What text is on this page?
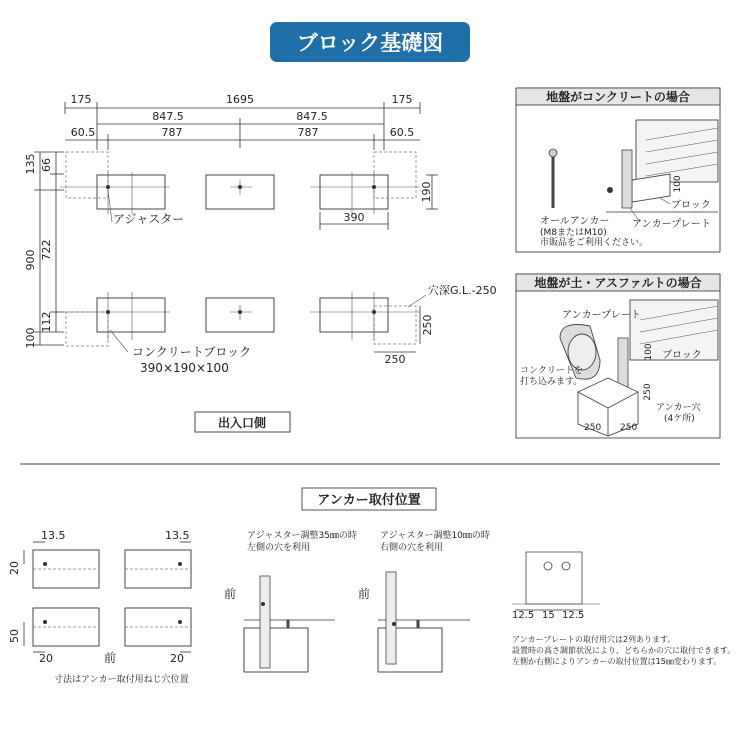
ブロック基礎図
175	1695	175
847.5	847.5
60.5	787	787	60.5
135 66
722
900
112
100
190
390
穴深G.L.-250
250
250
アジャスター
コンクリートブロック
390×190×100
出入口側
地盤がコンクリートの場合
100
ブロック
アンカープレート
オールアンカー
(M8またはM10)
市販品をご利用ください。
地盤が土・アスファルトの場合
アンカープレート
100 ブロック
コンクリートを
打ち込みます。
250
アンカー穴
(4ケ所)
250 250
アンカー取付位置
13.5	13.5
20
50
20	20
前
寸法はアンカー取付用ねじ穴位置
アジャスター調整35㎜の時
左側の穴を利用
前
アジャスター調整10㎜の時
右側の穴を利用
前
12.5 15 12.5
アンカープレートの取付用穴は2列あります。
設置時の高さ調節状況により、どちらかの穴に取付できます。
左側か右側によりアンカーの取付位置は15㎜変わります。
